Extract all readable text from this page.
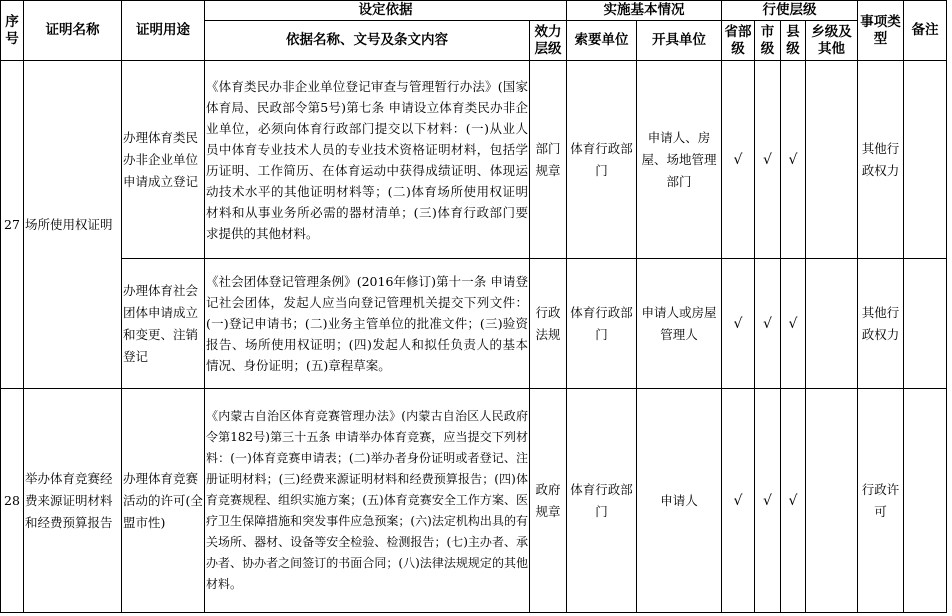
序号	证明名称	证明用途	设定依据		实施基本情况		行使层级				事项类型	备注
			依据名称、文号及条文内容	效力层级	索要单位	开具单位	省部级	市级	县级	乡级及其他		
27	场所使用权证明	办理体育类民办非企业单位申请成立登记	《体育类民办非企业单位登记审查与管理暂行办法》(国家体育局、民政部令第5号)第七条 申请设立体育类民办非企业单位，必须向体育行政部门提交以下材料：(一)从业人员中体育专业技术人员的专业技术资格证明材料，包括学历证明、工作简历、在体育运动中获得成绩证明、体现运动技术水平的其他证明材料等；(二)体育场所使用权证明材料和从事业务所必需的器材清单；(三)体育行政部门要求提供的其他材料。	部门规章	体育行政部门	申请人、房屋、场地管理部门	√	√	√		其他行政权力	
		办理体育社会团体申请成立和变更、注销登记	《社会团体登记管理条例》(2016年修订)第十一条 申请登记社会团体，发起人应当向登记管理机关提交下列文件：(一)登记申请书；(二)业务主管单位的批准文件；(三)验资报告、场所使用权证明；(四)发起人和拟任负责人的基本情况、身份证明；(五)章程草案。	行政法规	体育行政部门	申请人或房屋管理人	√	√	√		其他行政权力	
28	举办体育竞赛经费来源证明材料和经费预算报告	办理体育竞赛活动的许可(全盟市性)	《内蒙古自治区体育竞赛管理办法》(内蒙古自治区人民政府令第182号)第三十五条 申请举办体育竞赛，应当提交下列材料：(一)体育竞赛申请表；(二)举办者身份证明或者登记、注册证明材料；(三)经费来源证明材料和经费预算报告；(四)体育竞赛规程、组织实施方案；(五)体育竞赛安全工作方案、医疗卫生保障措施和突发事件应急预案；(六)法定机构出具的有关场所、器材、设备等安全检验、检测报告；(七)主办者、承办者、协办者之间签订的书面合同；(八)法律法规规定的其他材料。	政府规章	体育行政部门	申请人	√	√	√		行政许可	
